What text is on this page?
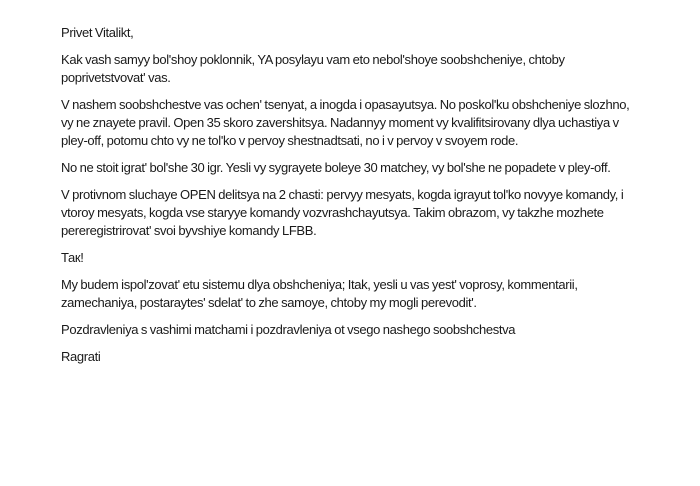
Privet Vitalikt,

Kak vash samyy bol'shoy poklonnik, YA posylayu vam eto nebol'shoye soobshcheniye, chtoby poprivetstvovat' vas.

V nashem soobshchestve vas ochen' tsenyat, a inogda i opasayutsya. No poskol'ku obshcheniye slozhno, vy ne znayete pravil. Open 35 skoro zavershitsya. Nadannyy moment vy kvalifitsirovany dlya uchastiya v pley-off, potomu chto vy ne tol'ko v pervoy shestnadtsati, no i v pervoy v svoyem rode.

No ne stoit igrat' bol'she 30 igr. Yesli vy sygrayete boleye 30 matchey, vy bol'she ne popadete v pley-off.

V protivnom sluchaye OPEN delitsya na 2 chasti: pervyy mesyats, kogda igrayut tol'ko novyye komandy, i vtoroy mesyats, kogda vse staryye komandy vozvrashchayutsya. Takim obrazom, vy takzhe mozhete pereregistrirovat' svoi byvshiye komandy LFBB.

Так!

My budem ispol'zovat' etu sistemu dlya obshcheniya; Itak, yesli u vas yest' voprosy, kommentarii, zamechaniya, postaraytes' sdelat' to zhe samoye, chtoby my mogli perevodit'.

Pozdravleniya s vashimi matchami i pozdravleniya ot vsego nashego soobshchestva

Ragrati
